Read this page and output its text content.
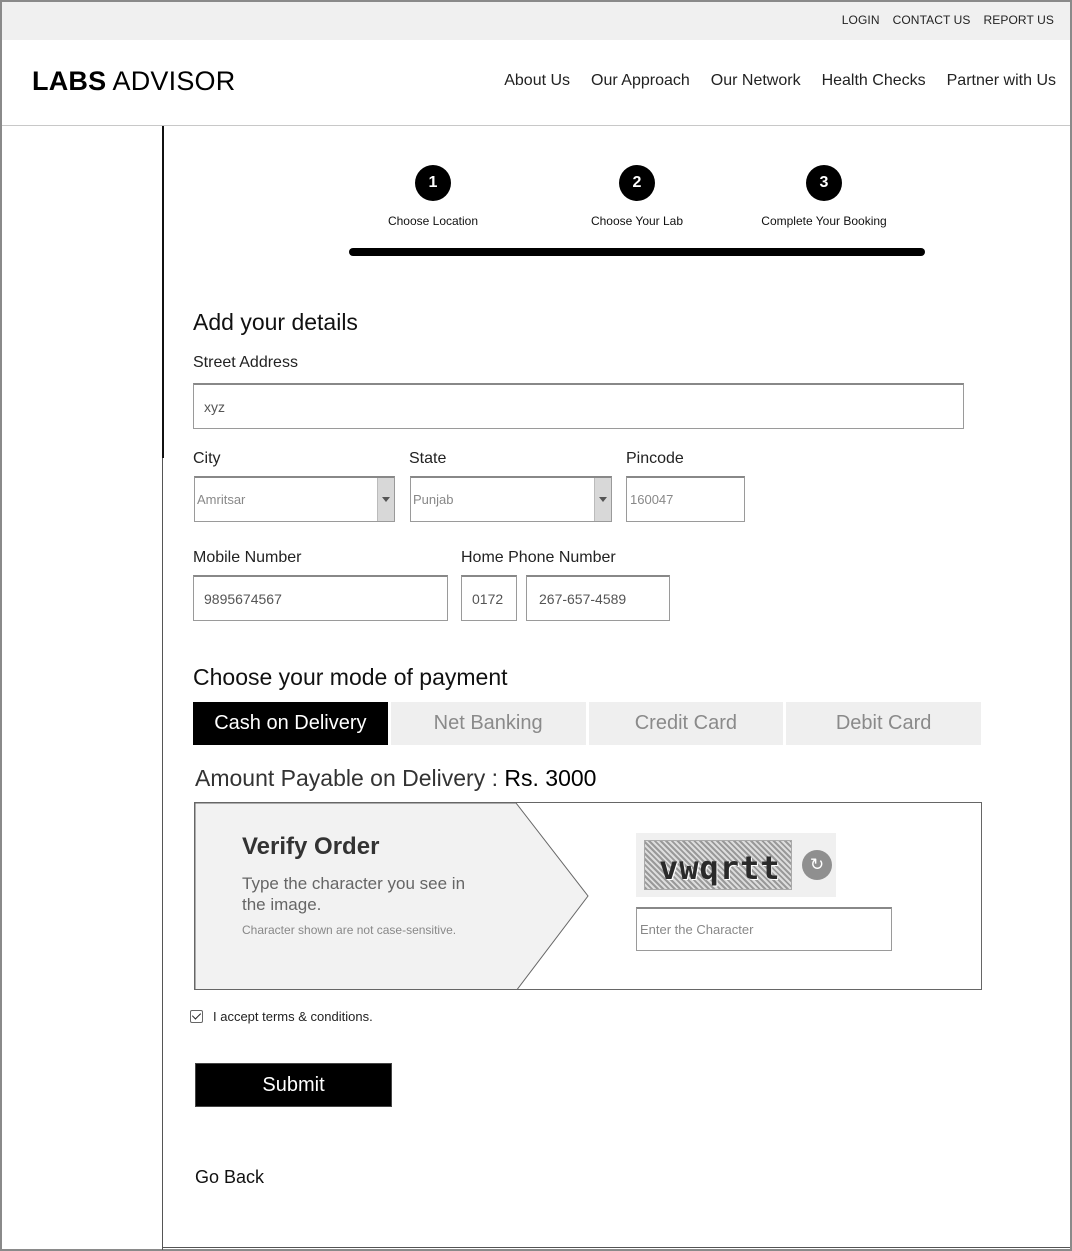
LOGIN CONTACT US REPORT US
LABS ADVISOR	About Us Our Approach Our Network Health Checks Partner with Us
1
Choose Location
2
Choose Your Lab
3
Complete Your Booking
Add your details
Street Address
xyz
City
Amritsar
State
Punjab
Pincode
160047
Mobile Number
9895674567
Home Phone Number
0172	267-657-4589
Choose your mode of payment
Cash on Delivery	Net Banking	Credit Card	Debit Card
Amount Payable on Delivery : Rs. 3000
Verify Order
Type the character you see in the image.
Character shown are not case-sensitive.
vwqrtt	↻
Enter the Character
I accept terms & conditions.
Submit
Go Back
